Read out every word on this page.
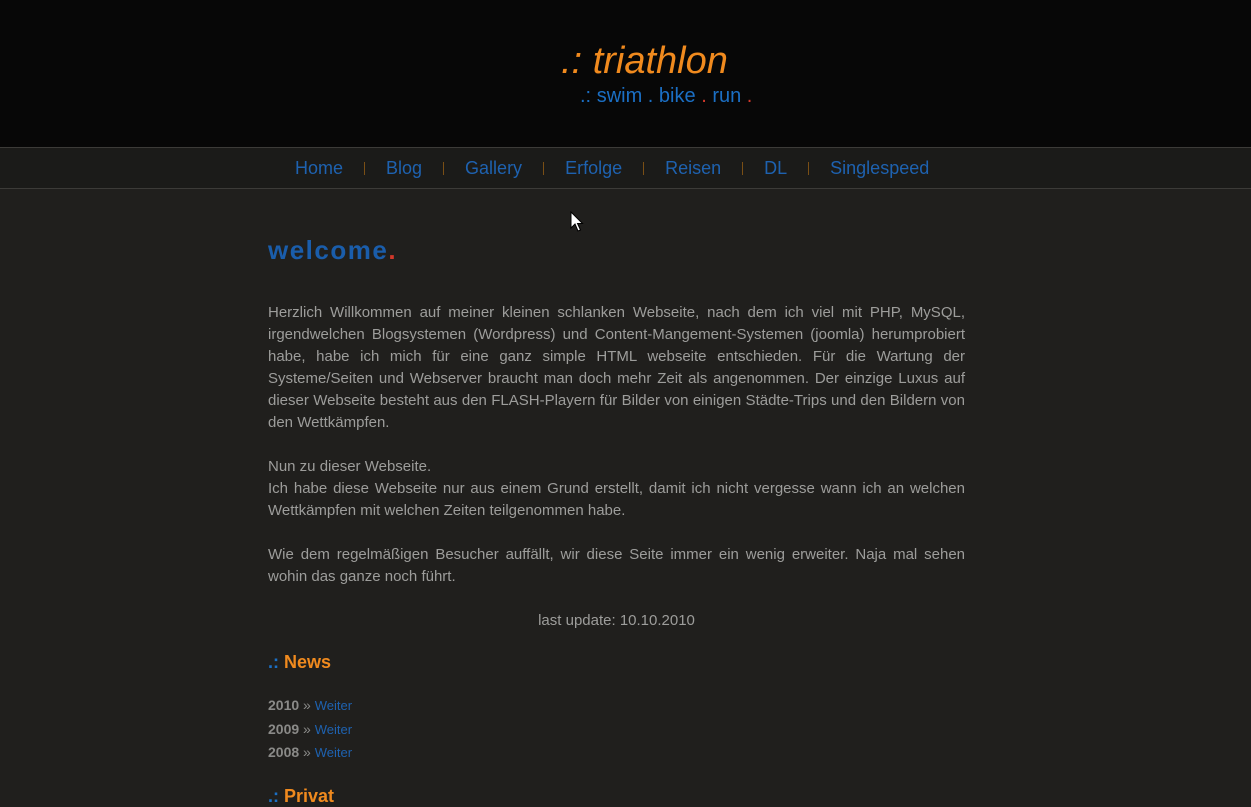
.: triathlon
.: swim . bike . run .
Home	Blog	Gallery	Erfolge	Reisen	DL	Singlespeed
welcome.

Herzlich Willkommen auf meiner kleinen schlanken Webseite, nach dem ich viel mit PHP, MySQL, irgendwelchen Blogsystemen (Wordpress) und Content-Mangement-Systemen (joomla) herumprobiert habe, habe ich mich für eine ganz simple HTML webseite entschieden. Für die Wartung der Systeme/Seiten und Webserver braucht man doch mehr Zeit als angenommen. Der einzige Luxus auf dieser Webseite besteht aus den FLASH-Playern für Bilder von einigen Städte-Trips und den Bildern von den Wettkämpfen.

Nun zu dieser Webseite.
Ich habe diese Webseite nur aus einem Grund erstellt, damit ich nicht vergesse wann ich an welchen Wettkämpfen mit welchen Zeiten teilgenommen habe.

Wie dem regelmäßigen Besucher auffällt, wir diese Seite immer ein wenig erweiter. Naja mal sehen wohin das ganze noch führt.

last update: 10.10.2010
.: News
2010 » Weiter
2009 » Weiter
2008 » Weiter
.: Privat
